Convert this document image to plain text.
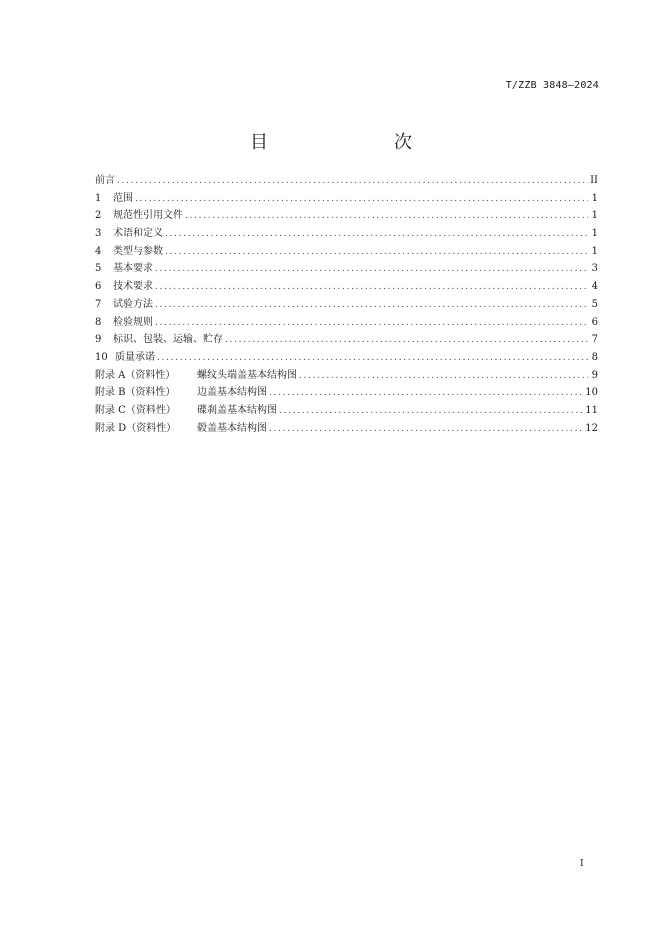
T/ZZB 3848—2024
目　　次
前言 .....	II
1	范围 .....	1
2	规范性引用文件 .....	1
3	术语和定义 .....	1
4	类型与参数 .....	1
5	基本要求 .....	3
6	技术要求 .....	4
7	试验方法 .....	5
8	检验规则 .....	6
9	标识、包装、运输、贮存 .....	7
10 质量承诺 .....	8
附录 A（资料性）	螺纹头端盖基本结构图 .....	9
附录 B（资料性）	边盖基本结构图 .....	10
附录 C（资料性）	碟刹盖基本结构图 .....	11
附录 D（资料性）	毂盖基本结构图 .....	12
I
